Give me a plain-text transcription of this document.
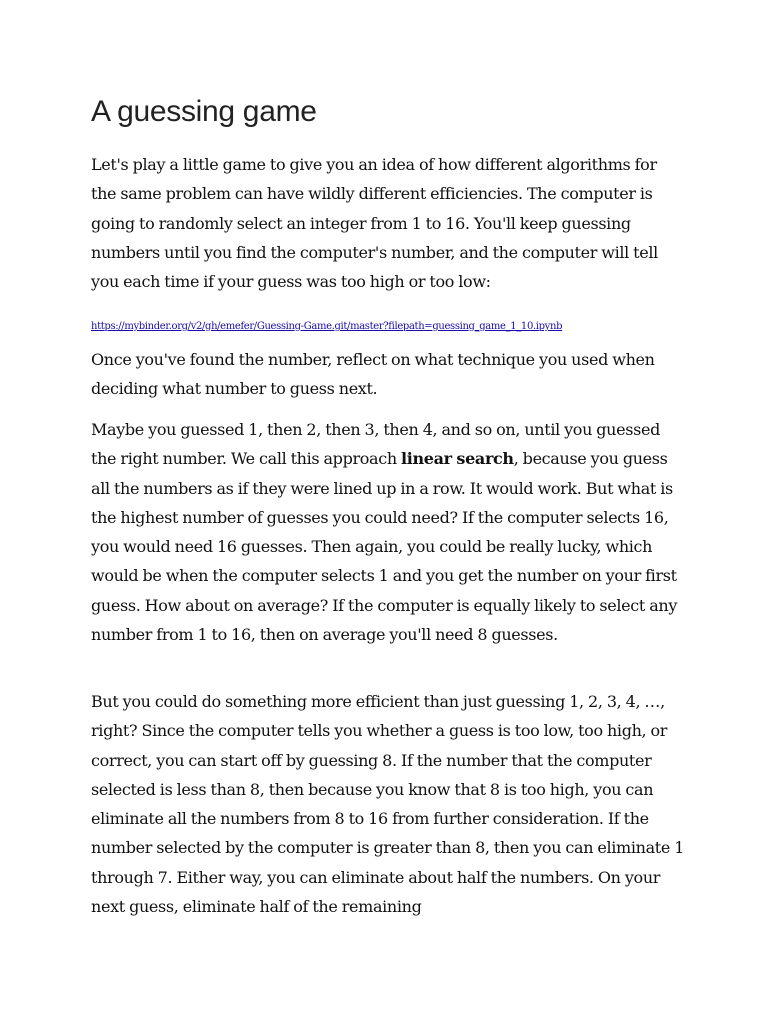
A guessing game

Let's play a little game to give you an idea of how different algorithms for the same problem can have wildly different efficiencies. The computer is going to randomly select an integer from 1 to 16. You'll keep guessing numbers until you find the computer's number, and the computer will tell you each time if your guess was too high or too low:

https://mybinder.org/v2/gh/emefer/Guessing-Game.git/master?filepath=guessing_game_1_10.ipynb

Once you've found the number, reflect on what technique you used when deciding what number to guess next.

Maybe you guessed 1, then 2, then 3, then 4, and so on, until you guessed the right number. We call this approach linear search, because you guess all the numbers as if they were lined up in a row. It would work. But what is the highest number of guesses you could need? If the computer selects 16, you would need 16 guesses. Then again, you could be really lucky, which would be when the computer selects 1 and you get the number on your first guess. How about on average? If the computer is equally likely to select any number from 1 to 16, then on average you'll need 8 guesses.

But you could do something more efficient than just guessing 1, 2, 3, 4, …, right? Since the computer tells you whether a guess is too low, too high, or correct, you can start off by guessing 8. If the number that the computer selected is less than 8, then because you know that 8 is too high, you can eliminate all the numbers from 8 to 16 from further consideration. If the number selected by the computer is greater than 8, then you can eliminate 1 through 7. Either way, you can eliminate about half the numbers. On your next guess, eliminate half of the remaining
